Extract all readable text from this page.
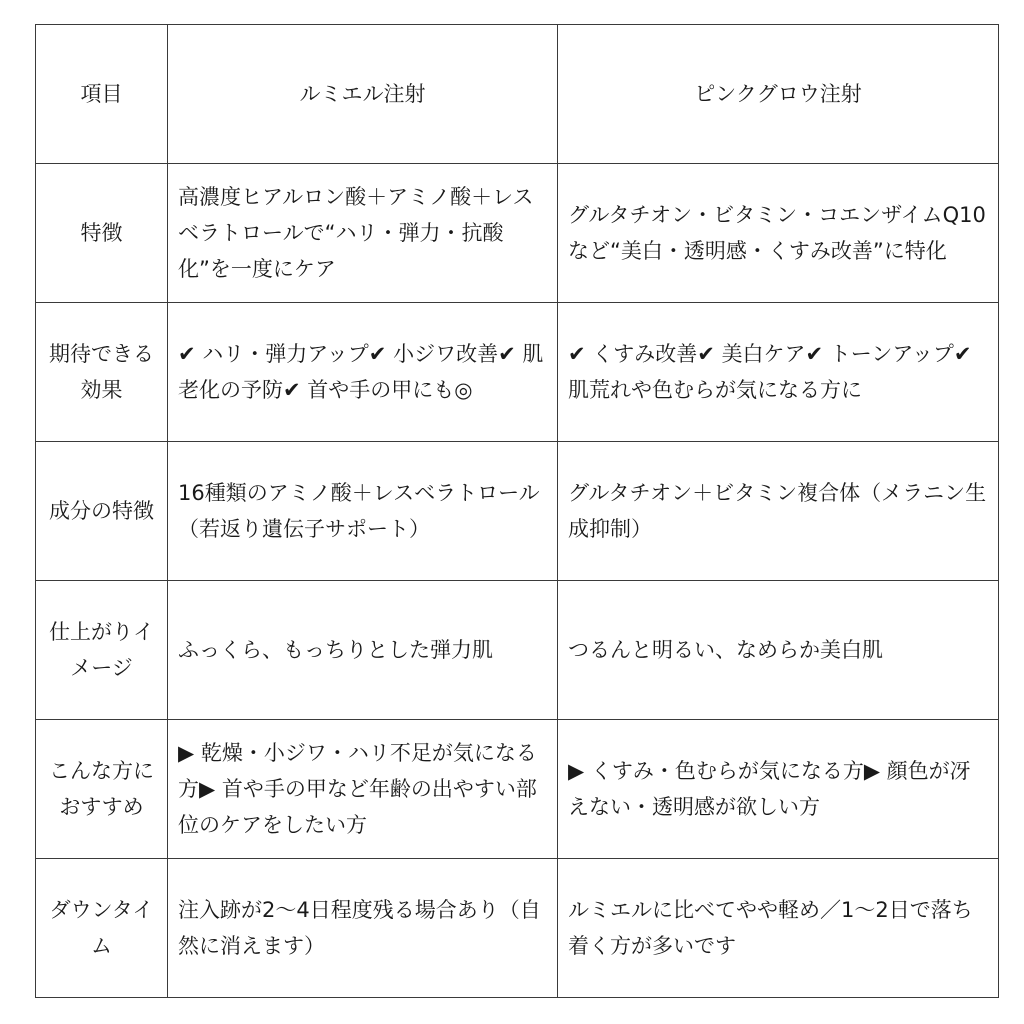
項目	ルミエル注射	ピンクグロウ注射
特徴	高濃度ヒアルロン酸＋アミノ酸＋レスベラトロールで“ハリ・弾力・抗酸化”を一度にケア	グルタチオン・ビタミン・コエンザイムQ10など“美白・透明感・くすみ改善”に特化
期待できる効果	✔ ハリ・弾力アップ✔ 小ジワ改善✔ 肌老化の予防✔ 首や手の甲にも◎	✔ くすみ改善✔ 美白ケア✔ トーンアップ✔ 肌荒れや色むらが気になる方に
成分の特徴	16種類のアミノ酸＋レスベラトロール（若返り遺伝子サポート）	グルタチオン＋ビタミン複合体（メラニン生成抑制）
仕上がりイメージ	ふっくら、もっちりとした弾力肌	つるんと明るい、なめらか美白肌
こんな方におすすめ	▶ 乾燥・小ジワ・ハリ不足が気になる方▶ 首や手の甲など年齢の出やすい部位のケアをしたい方	▶ くすみ・色むらが気になる方▶ 顔色が冴えない・透明感が欲しい方
ダウンタイム	注入跡が2〜4日程度残る場合あり（自然に消えます）	ルミエルに比べてやや軽め／1〜2日で落ち着く方が多いです
